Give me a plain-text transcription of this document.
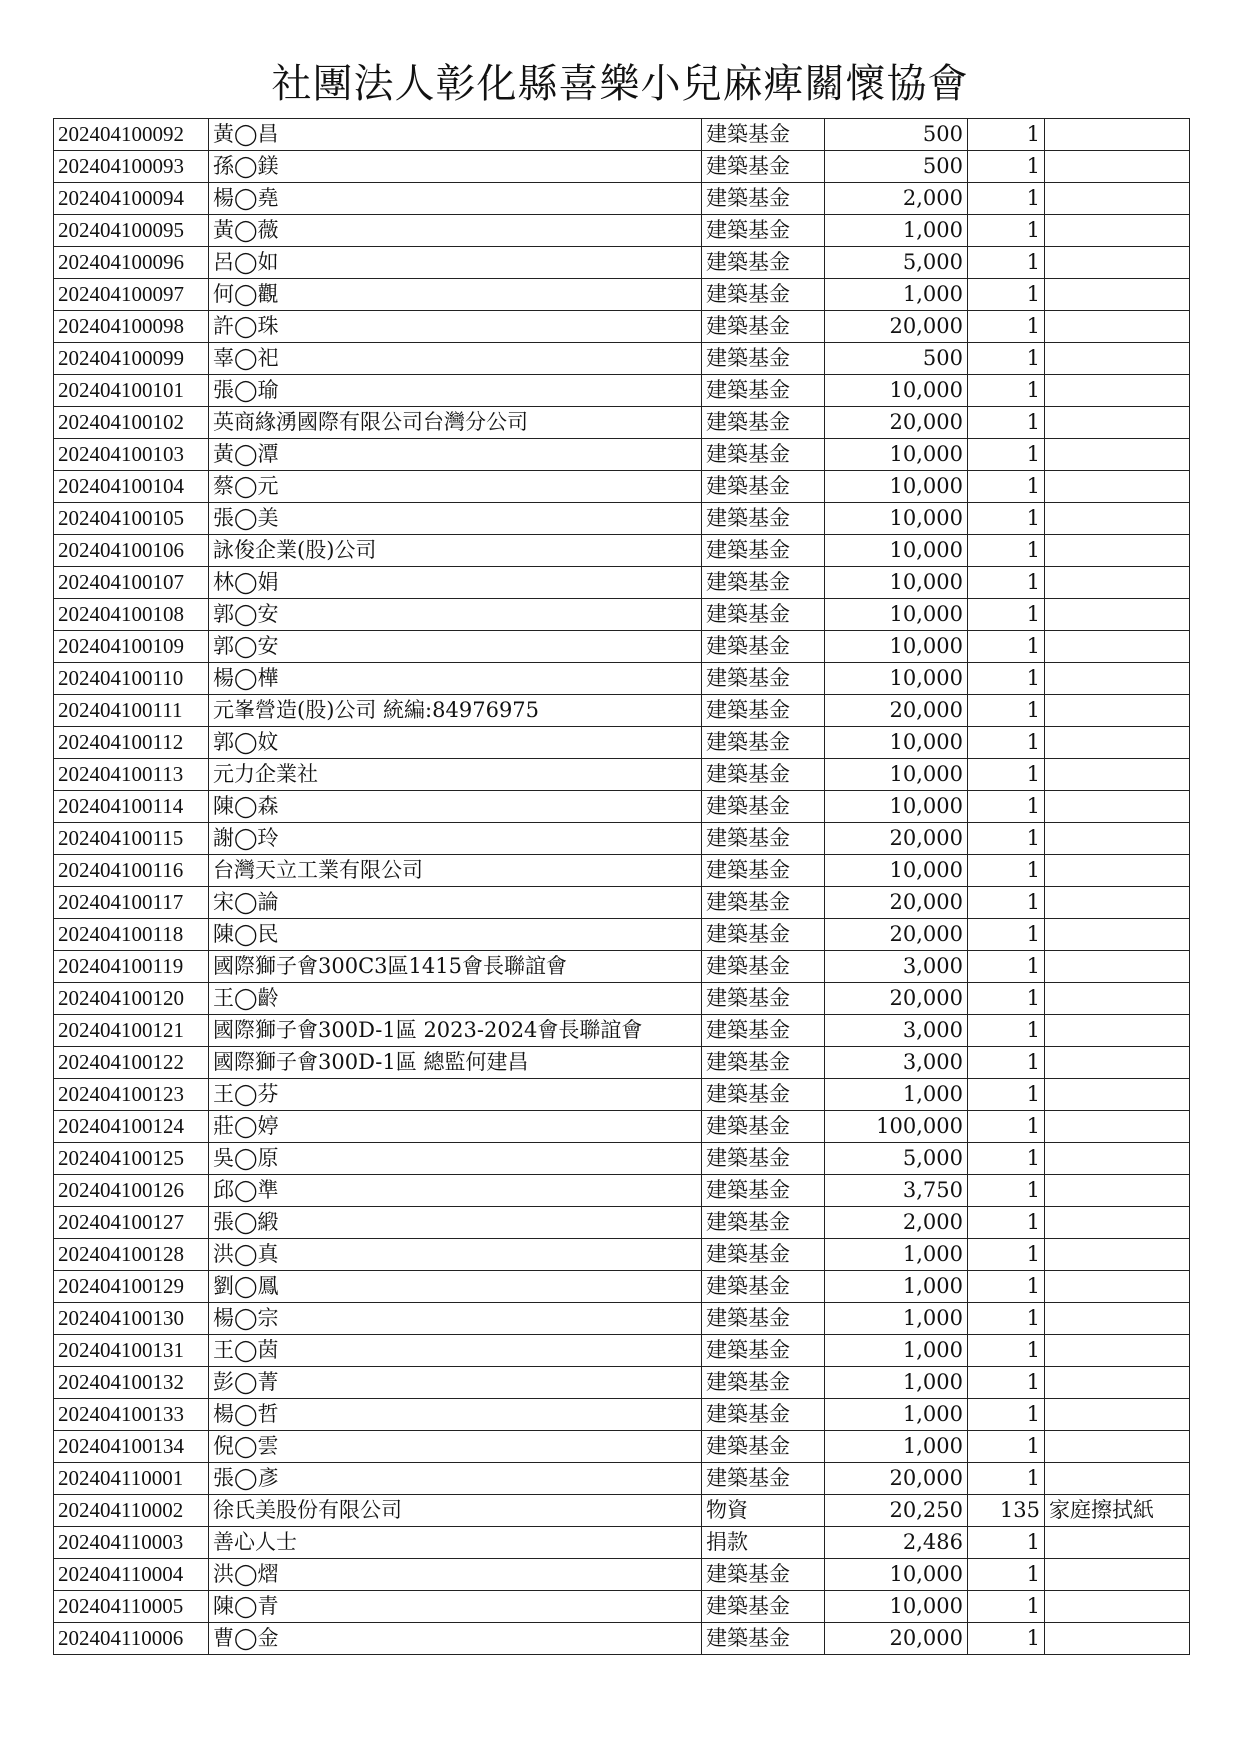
社團法人彰化縣喜樂小兒麻痺關懷協會
202404100092	黃◯昌	建築基金	500	1	
202404100093	孫◯鎂	建築基金	500	1	
202404100094	楊◯堯	建築基金	2,000	1	
202404100095	黃◯薇	建築基金	1,000	1	
202404100096	呂◯如	建築基金	5,000	1	
202404100097	何◯觀	建築基金	1,000	1	
202404100098	許◯珠	建築基金	20,000	1	
202404100099	辜◯祀	建築基金	500	1	
202404100101	張◯瑜	建築基金	10,000	1	
202404100102	英商緣湧國際有限公司台灣分公司	建築基金	20,000	1	
202404100103	黃◯潭	建築基金	10,000	1	
202404100104	蔡◯元	建築基金	10,000	1	
202404100105	張◯美	建築基金	10,000	1	
202404100106	詠俊企業(股)公司	建築基金	10,000	1	
202404100107	林◯娟	建築基金	10,000	1	
202404100108	郭◯安	建築基金	10,000	1	
202404100109	郭◯安	建築基金	10,000	1	
202404100110	楊◯樺	建築基金	10,000	1	
202404100111	元峯營造(股)公司 統編:84976975	建築基金	20,000	1	
202404100112	郭◯妏	建築基金	10,000	1	
202404100113	元力企業社	建築基金	10,000	1	
202404100114	陳◯森	建築基金	10,000	1	
202404100115	謝◯玲	建築基金	20,000	1	
202404100116	台灣天立工業有限公司	建築基金	10,000	1	
202404100117	宋◯論	建築基金	20,000	1	
202404100118	陳◯民	建築基金	20,000	1	
202404100119	國際獅子會300C3區1415會長聯誼會	建築基金	3,000	1	
202404100120	王◯齡	建築基金	20,000	1	
202404100121	國際獅子會300D-1區 2023-2024會長聯誼會	建築基金	3,000	1	
202404100122	國際獅子會300D-1區 總監何建昌	建築基金	3,000	1	
202404100123	王◯芬	建築基金	1,000	1	
202404100124	莊◯婷	建築基金	100,000	1	
202404100125	吳◯原	建築基金	5,000	1	
202404100126	邱◯準	建築基金	3,750	1	
202404100127	張◯緞	建築基金	2,000	1	
202404100128	洪◯真	建築基金	1,000	1	
202404100129	劉◯鳳	建築基金	1,000	1	
202404100130	楊◯宗	建築基金	1,000	1	
202404100131	王◯茵	建築基金	1,000	1	
202404100132	彭◯菁	建築基金	1,000	1	
202404100133	楊◯哲	建築基金	1,000	1	
202404100134	倪◯雲	建築基金	1,000	1	
202404110001	張◯彥	建築基金	20,000	1	
202404110002	徐氏美股份有限公司	物資	20,250	135	家庭擦拭紙
202404110003	善心人士	捐款	2,486	1	
202404110004	洪◯熠	建築基金	10,000	1	
202404110005	陳◯青	建築基金	10,000	1	
202404110006	曹◯金	建築基金	20,000	1	
